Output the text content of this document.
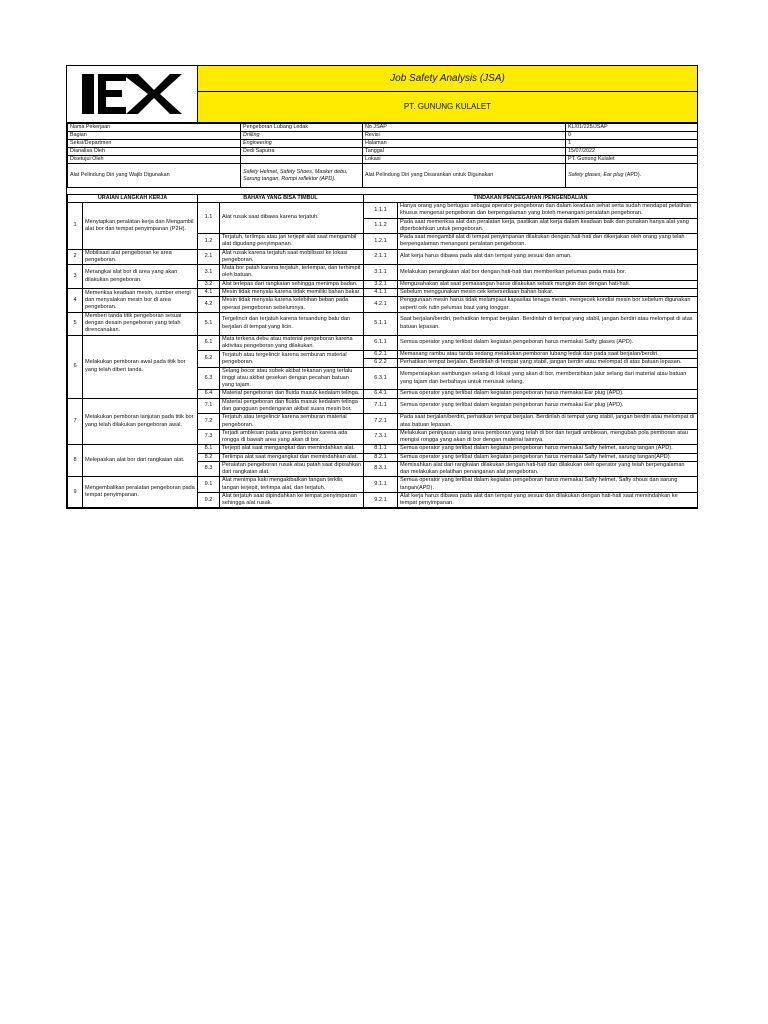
Job Safety Analysis (JSA)
PT. GUNUNG KULALET
Nama Pekerjaan	Pengeboran Lubang Ledak	No JSAP	KL/01/225/JSAP
Bagian	Drilling	Revisi	0
Seksi/Departmen	Engineering	Halaman	1
Dianalisa Oleh	Dedi Saputra	Tanggal	15/07/2022
Disetujui Oleh		Lokasi	PT. Gunung Kulalet
Alat Pelindung Diri yang Wajib Digunakan	Safety Helmet, Safety Shoes, Masker debu, Sarung tangan, Rompi reflektor (APD).	Alat Pelindung Diri yang Disarankan untuk Digunakan	Safety glases, Ear plug (APD).

URAIAN LANGKAH KERJA		BAHAYA YANG BISA TIMBUL		TINDAKAN PENCEGAHAN /PENGENDALIAN	
1	Menyiapkan peralatan kerja dan Mengambil alat bor dari tempat penyimpanan (P2H).	1.1	Alat rusak saat dibawa karena terjatuh.	1.1.1	Hanya orang yang bertugas sebagai operator pengeboran dan dalam keadaan sehat serta sudah mendapat pelatihan khusus mengenai pengeboran dan berpengalaman yang boleh menangani peralatan pengeboran.
				1.1.2	Pada saat memeriksa alat dan peralatan kerja, pastikan alat kerja dalam keadaan baik dan punakan hanya alat yang diperbolehkan untuk pengeboran.
		1.2	Terjatuh, terlimpa atau jari terjepit alat saat mengambil alat digudang penyimpanan.	1.2.1	Pada saat mengambil alat di tempat penyimpanan dilakukan dengan hati-hati dan dikerjakan oleh orang yang telah berpengalaman menangani peralatan pengeboran.
2	Mobilisasi alat pengeboran ke area pengeboran.	2.1	Alat rusak karena terjatuh saat mobilisasi ke lokasi pengeboran.	2.1.1	Alat kerja harus dibawa pada alat dan tempat yang sesuai dan aman.
3	Merangkai alat bor di area yang akan dilakukan pengeboran.	3.1	Mata bor patah karena terjatuh, terlempar, dan terhimpit oleh batuan.	3.1.1	Melakukan perangkaian alat bor dengan hati-hati dan memberikan pelumas pada mata bor.
		3.2	Alat terlepas dari rangkaian sehingga menimpa badan.	3.2.1	Mengusahakan alat saat pemasangan harus dilakukan sebaik mungkin dan dengan hati-hati.
4	Memeriksa keadaan mesin, sumber energi dan menyalakan mesin bor di area pengeboran.	4.1	Mesin tidak menyala karena tidak memiliki bahan bakar.	4.1.1	Sebelum menggunakan mesin cek ketersediaan bahan bakar.
		4.2	Mesin tidak menyala karena kelebihan beban pada operasi pengeboran sebelumnya.	4.2.1	Penggunaan mesin harus tidak melampaui kapasitas tenaga mesin, mengecek kondisi mesin bor sebelum digunakan seperti cek rutin pelumas baut yang longgar.
5	Memberi tanda titik pengeboran sesuai dengan desain pengeboran yang telah direncanakan.	5.1	Tergelincir dan terjatuh karena tersandung batu dan berjalan di tempat yang licin.	5.1.1	Saat berjalan/berdiri, perhatikan tempat berjalan. Berdirilah di tempat yang stabil, jangan berdiri atau melompat di atas batuan lepasan.
6	Melakukan pemboran awal pada titik bor yang telah diberi tanda.	6.1	Mata terkena debu atau material pengeboran karena aktivitas pengeboran yang dilakukan.	6.1.1	Semua operator yang terlibat dalam kegiatan pengeboran harus memakai Safty glases (APD).
		6.2	Terjatuh atau tergelincir karena semburan material pengeboran.	6.2.1	Memasang rambu atau tanda sedang melakukan pemboran lubang ledak dan pada saat berjalan/berdiri.
				6.2.2	Perhatikan tempat berjalan. Berdirilah di tempat yang stabil, jangan berdiri atau melompat di atas batuan lepasan.
		6.3	Selang bocor atau sobek akibat tekanan yang terlalu tinggi atau akibat gesekan dengan pecahan batuan yang tajam.	6.3.1	Mempersiapkan sambungan selang di lokasi yang akan di bor, membersihkan jalur selang dari material atau batuan yang tajam dan berbahaya untuk merusak selang.
		6.4	Material pengeboran dan fluida masuk kedalam telinga.	6.4.1	Semua operator yang terlibat dalam kegiatan pengeboran harus memakai Ear plug (APD).
7	Melakukan pemboran lanjutan pada titik bor yang telah dilakukan pengeboran awal.	7.1	Material pengeboran dan fluida masuk kedalam telinga dan gangguan pendengaran akibat suara mesin bor.	7.1.1	Semua operator yang terlibat dalam kegiatan pengeboran harus memakai Ear plug (APD).
		7.2	Terjatuh atau tergelincir karena semburan material pengeboran.	7.2.1	Pada saat berjalan/berdiri, perhatikan tempat berjalan. Berdirilah di tempat yang stabil, jangan berdiri atau melompat di atas batuan lepasan.
		7.3	Terjadi amblesan pada area pemboran karena ada rongga di bawah area yang akan di bor.	7.3.1	Melakukan peninjauan ulang area pemboran yang telah di bor dan terjadi amblesan, mengubah pola pemboran atau mengisi rongga yang akan di bor dengan material lainnya.
8	Melepaskan alat bor dari rangkaian alat.	8.1	Terjepit alat saat mengangkat dan memindahkan alat.	8.1.1	Semua operator yang terlibat dalam kegiatan pengeboran harus memakai Safty helmet, sarung tangan (APD).
		8.2	Terlimpa alat saat mengangkat dan memindahkan alat.	8.2.1	Semua operator yang terlibat dalam kegiatan pengeboran harus memakai Safty helmet, sarung tangan(APD).
		8.3	Peralatan pengeboran rusak atau patah saat dipisahkan dari rangkaian alat.	8.3.1	Memisahkan alat dari rangkaian dilakukan dengan hati-hati dan dilakukan oleh operator yang telah berpengalaman dan melakukan pelatihan penanganan alat pengeboran.
9	Mengembalikan peralatan pengeboran pada tempat penyimpanan.	9.1	Alat menimpa kaki mengakibatkan tangan terkilir, tangan terjepit, terlimpa alat, dan terjatuh.	9.1.1	Semua operator yang terlibat dalam kegiatan pengeboran harus memakai Safty helmet, Safty shous dan sarung tangan(APD).
		9.2	Alat terjatuh saat dipindahkan ke tempat penyimpanan sehingga alat rusak.	9.2.1	Alat kerja harus dibawa pada alat dan tempat yang sesuai dan dilakukan dengan hati-hati saat memindahkan ke tempat penyimpanan.
